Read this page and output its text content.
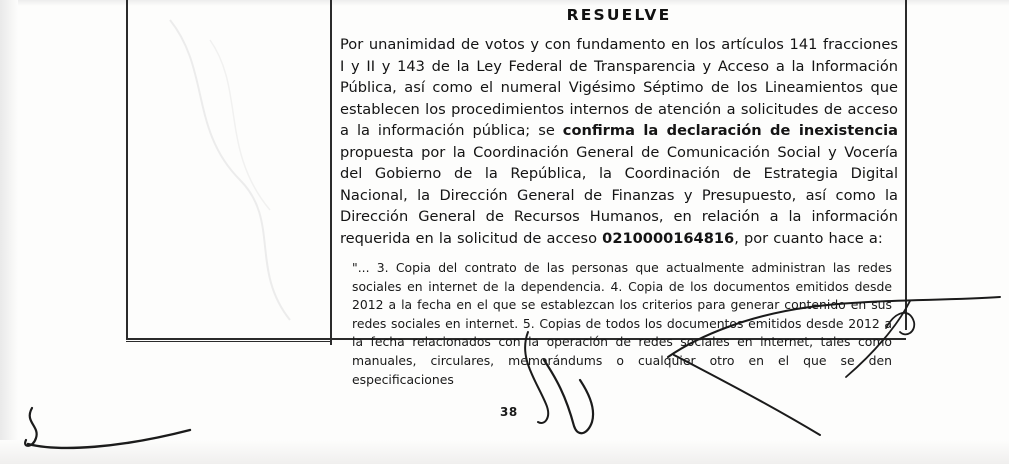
RESUELVE

Por unanimidad de votos y con fundamento en los artículos 141 fracciones I y II y 143 de la Ley Federal de Transparencia y Acceso a la Información Pública, así como el numeral Vigésimo Séptimo de los Lineamientos que establecen los procedimientos internos de atención a solicitudes de acceso a la información pública; se confirma la declaración de inexistencia propuesta por la Coordinación General de Comunicación Social y Vocería del Gobierno de la República, la Coordinación de Estrategia Digital Nacional, la Dirección General de Finanzas y Presupuesto, así como la Dirección General de Recursos Humanos, en relación a la información requerida en la solicitud de acceso 0210000164816, por cuanto hace a:

"... 3. Copia del contrato de las personas que actualmente administran las redes sociales en internet de la dependencia. 4. Copia de los documentos emitidos desde 2012 a la fecha en el que se establezcan los criterios para generar contenido en sus redes sociales en internet. 5. Copias de todos los documentos emitidos desde 2012 a la fecha relacionados con la operación de redes sociales en internet, tales como manuales, circulares, memorándums o cualquier otro en el que se den especificaciones
38
